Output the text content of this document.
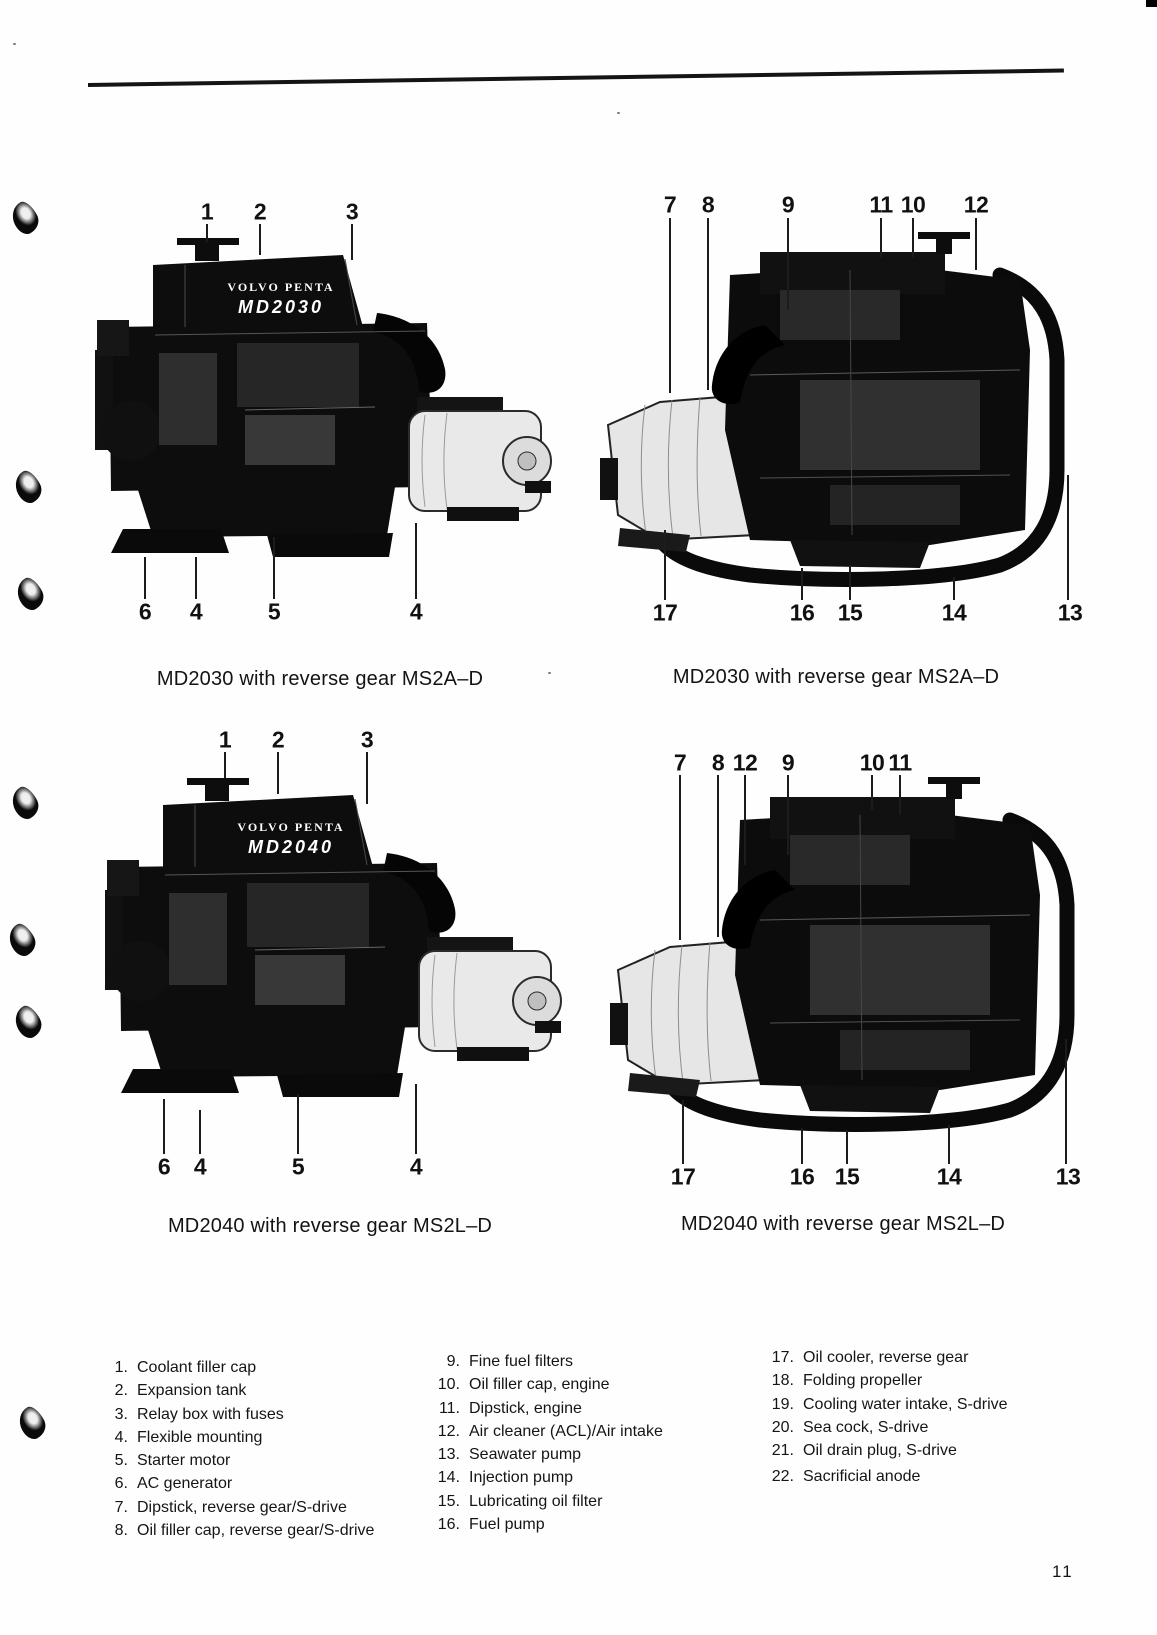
VOLVO PENTA
MD2030
1 2	3
6 4	5	4
MD2030 with reverse gear MS2A–D
7 8	9	11 10 12
17	16 15	14	13
MD2030 with reverse gear MS2A–D
VOLVO PENTA
MD2040
1 2	3
6 4	5	4
MD2040 with reverse gear MS2L–D
7 8 12 9	10 11
17	16 15	14	13
MD2040 with reverse gear MS2L–D
1. Coolant filler cap
2. Expansion tank
3. Relay box with fuses
4. Flexible mounting
5. Starter motor
6. AC generator
7. Dipstick, reverse gear/S-drive
8. Oil filler cap, reverse gear/S-drive
9. Fine fuel filters
10. Oil filler cap, engine
11. Dipstick, engine
12. Air cleaner (ACL)/Air intake
13. Seawater pump
14. Injection pump
15. Lubricating oil filter
16. Fuel pump
17. Oil cooler, reverse gear
18. Folding propeller
19. Cooling water intake, S-drive
20. Sea cock, S-drive
21. Oil drain plug, S-drive
22. Sacrificial anode
11
